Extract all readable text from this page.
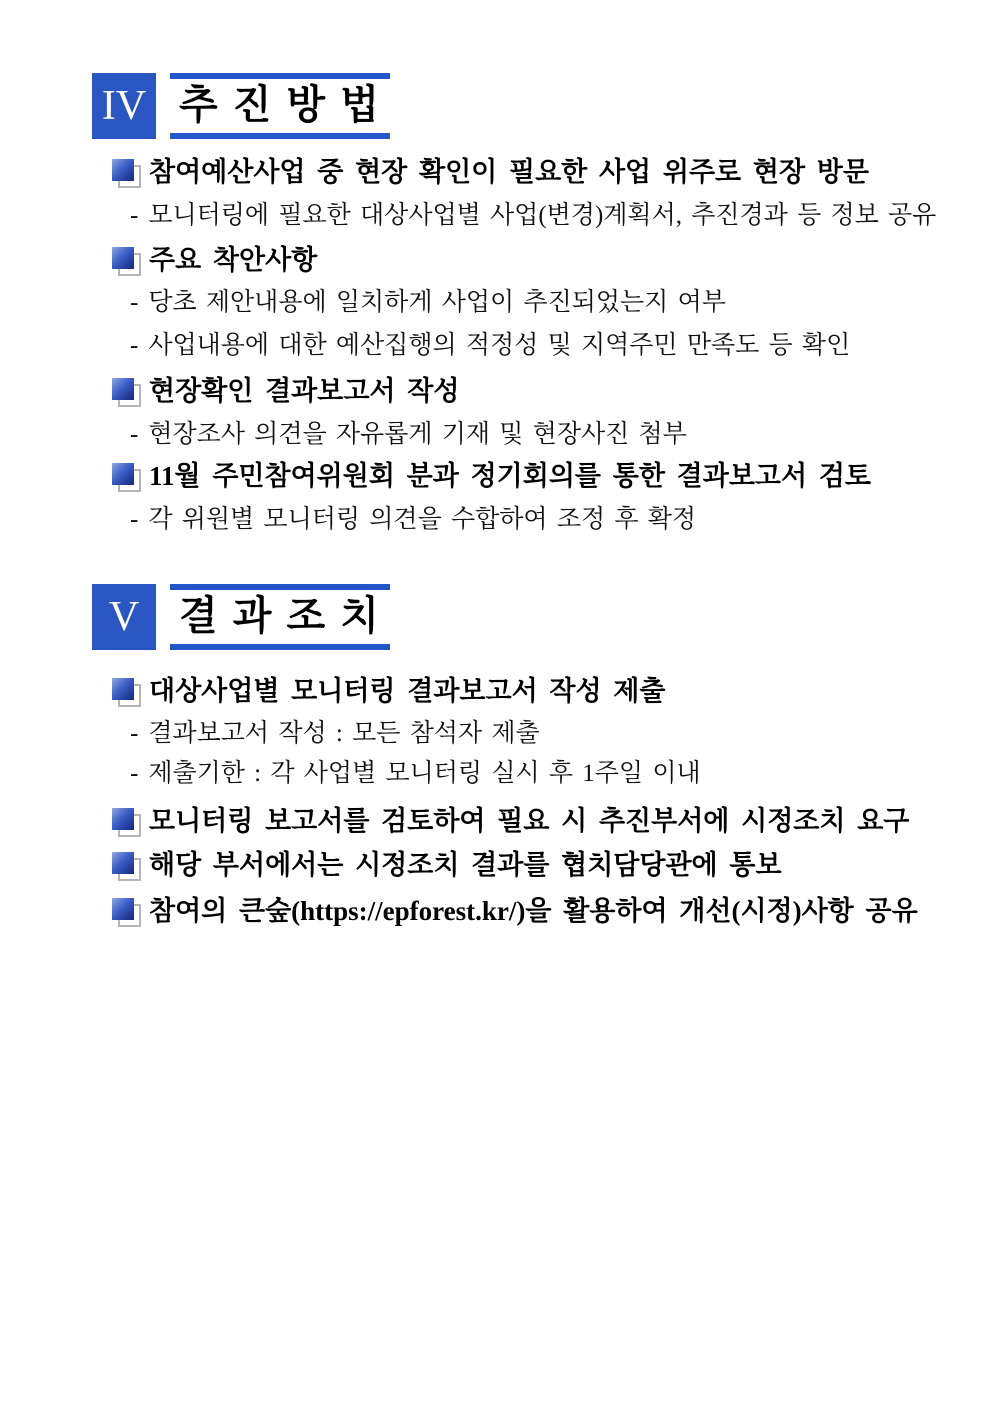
IV 추 진 방 법
참여예산사업 중 현장 확인이 필요한 사업 위주로 현장 방문
- 모니터링에 필요한 대상사업별 사업(변경)계획서, 추진경과 등 정보 공유
주요 착안사항
- 당초 제안내용에 일치하게 사업이 추진되었는지 여부
- 사업내용에 대한 예산집행의 적정성 및 지역주민 만족도 등 확인
현장확인 결과보고서 작성
- 현장조사 의견을 자유롭게 기재 및 현장사진 첨부
11월 주민참여위원회 분과 정기회의를 통한 결과보고서 검토
- 각 위원별 모니터링 의견을 수합하여 조정 후 확정
V 결 과 조 치
대상사업별 모니터링 결과보고서 작성 제출
- 결과보고서 작성 : 모든 참석자 제출
- 제출기한 : 각 사업별 모니터링 실시 후 1주일 이내
모니터링 보고서를 검토하여 필요 시 추진부서에 시정조치 요구
해당 부서에서는 시정조치 결과를 협치담당관에 통보
참여의 큰숲(https://epforest.kr/)을 활용하여 개선(시정)사항 공유
